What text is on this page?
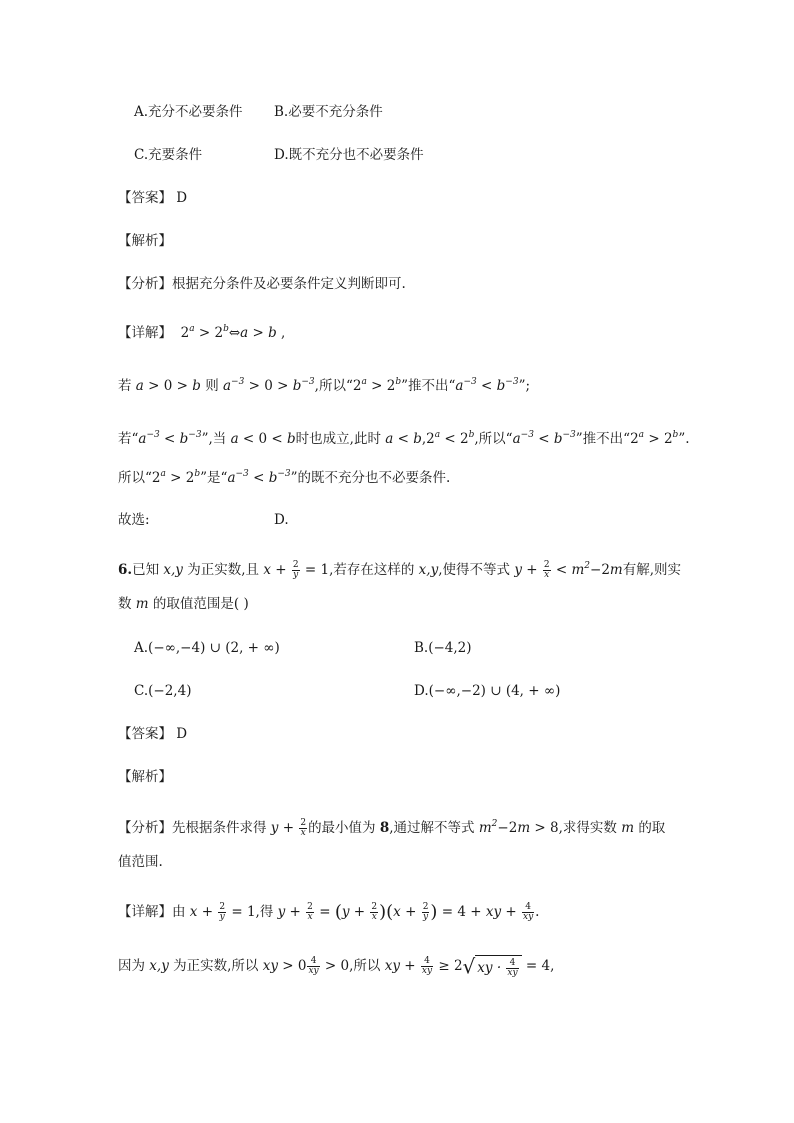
A.充分不必要条件 B.必要不充分条件
C.充要条件	D.既不充分也不必要条件
【答案】 D
【解析】
【分析】根据充分条件及必要条件定义判断即可.
【详解】 $2^a$ > $2^b\Leftrightarrow a > b$ ,
若 a > 0 > b 则 $a^{-3} > 0 > b^{-3}$,所以“$2^a > 2^b$”推不出“$a^{-3} < b^{-3}$”;
若“$a^{-3} < b^{-3}$”,当 a < 0 < b时也成立,此时 $a < b,2^a < 2^b$,所以“$a^{-3} < b^{-3}$”推不出“$2^a > 2^b$”.
所以“$2^a > 2^b$”是“$a^{-3} < b^{-3}$”的既不充分也不必要条件.
故选:	D.
6.已知 x,y 为正实数,且 $x + \frac{2}{y} = 1$,若存在这样的 x,y,使得不等式 $y + \frac{2}{x} < m^2-2m$有解,则实
数 m 的取值范围是( )
A.(−∞,−4) ∪ (2, + ∞)	B.(−4,2)
C.(−2,4)	D.(−∞,−2) ∪ (4, + ∞)
【答案】 D
【解析】
【分析】先根据条件求得 $y + \frac{2}{x}$ 的最小值为 8,通过解不等式 $m^2-2m > 8$,求得实数 m 的取
值范围.
【详解】由 $x + \frac{2}{y} = 1$,得 $y + \frac{2}{x} = (y + \frac{2}{x} )(x + \frac{2}{y}$ ) = 4 + xy + $\frac{4}{xy}$ .
因为 x,y 为正实数,所以 xy > $0 \frac{4}{xy} > 0$,所以 xy + $\frac{4}{xy} \ge 2√$ xy · $\frac{4}{xy} = 4$,
